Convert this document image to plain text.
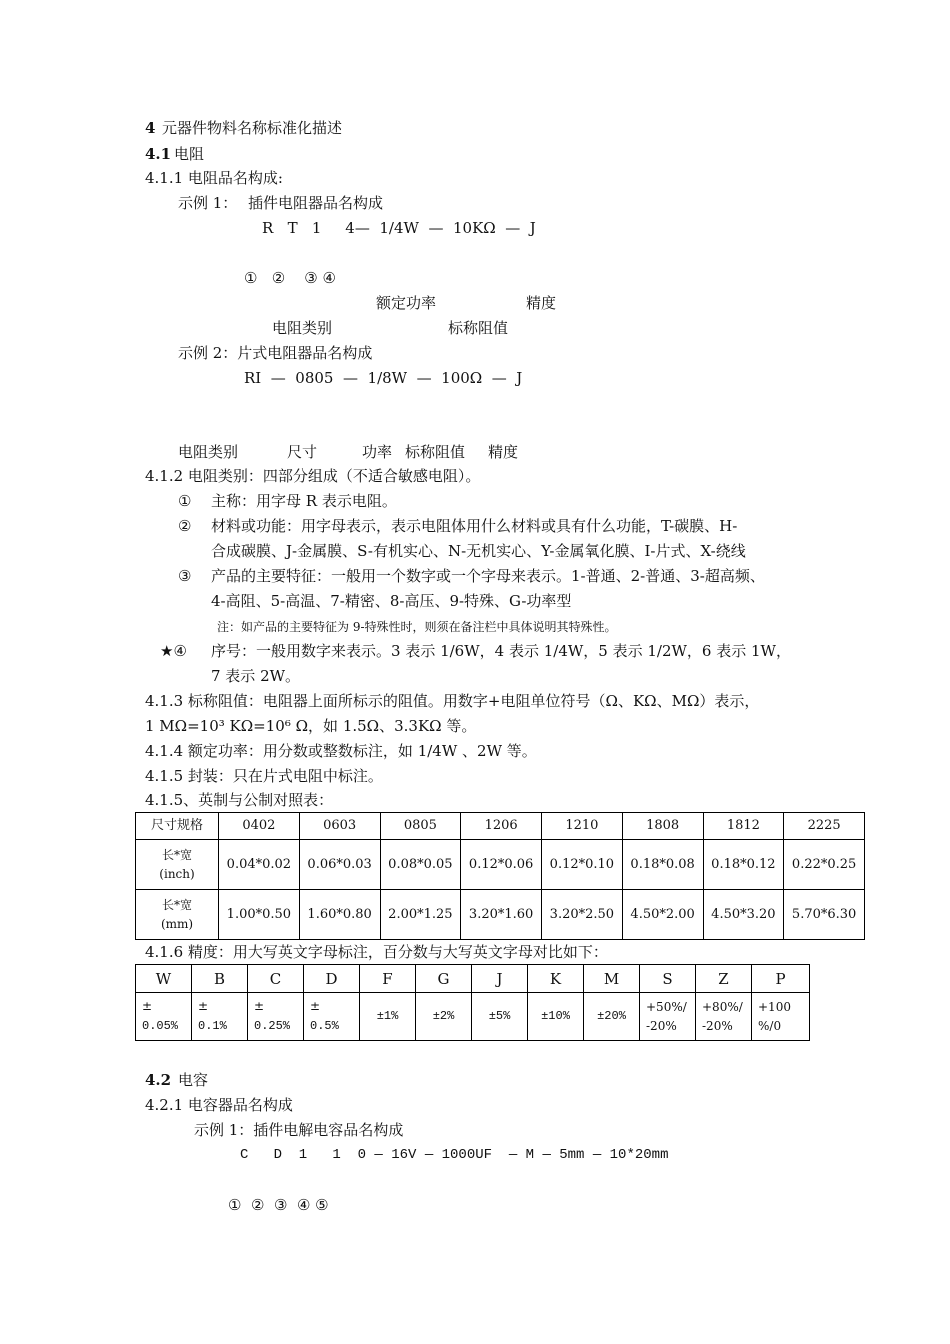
4 元器件物料名称标准化描述
4.1 电阻
4.1.1 电阻品名构成:
示例 1： 插件电阻器品名构成
R   T   1     4—  1/4W  —  10KΩ  —  J
①   ②    ③ ④
额定功率	精度
电阻类别	标称阻值
示例 2：片式电阻器品名构成
RI  —  0805  —  1/8W  —  100Ω  —  J
电阻类别	尺寸	功率 标称阻值 精度
4.1.2 电阻类别：四部分组成（不适合敏感电阻）。
① 主称：用字母 R 表示电阻。
② 材料或功能：用字母表示，表示电阻体用什么材料或具有什么功能，T-碳膜、H-
合成碳膜、J-金属膜、S-有机实心、N-无机实心、Y-金属氧化膜、I-片式、X-绕线
③ 产品的主要特征：一般用一个数字或一个字母来表示。1-普通、2-普通、3-超高频、
4-高阻、5-高温、7-精密、8-高压、9-特殊、G-功率型
注：如产品的主要特征为 9-特殊性时，则须在备注栏中具体说明其特殊性。
★④ 序号：一般用数字来表示。3 表示 1/6W，4 表示 1/4W，5 表示 1/2W，6 表示 1W，
7 表示 2W。
4.1.3 标称阻值：电阻器上面所标示的阻值。用数字+电阻单位符号（Ω、KΩ、MΩ）表示，
1 MΩ=10³ KΩ=10⁶ Ω，如 1.5Ω、3.3KΩ 等。
4.1.4 额定功率：用分数或整数标注，如 1/4W 、2W 等。
4.1.5 封装：只在片式电阻中标注。
4.1.5、英制与公制对照表：
尺寸规格	0402	0603	0805	1206	1210	1808	1812	2225
长*宽
(inch)	0.04*0.02	0.06*0.03	0.08*0.05	0.12*0.06	0.12*0.10	0.18*0.08	0.18*0.12	0.22*0.25
长*宽
(mm)	1.00*0.50	1.60*0.80	2.00*1.25	3.20*1.60	3.20*2.50	4.50*2.00	4.50*3.20	5.70*6.30
4.1.6 精度：用大写英文字母标注，百分数与大写英文字母对比如下：
W	B	C	D	F	G	J	K	M	S	Z	P
±
0.05%	±
0.1%	±
0.25%	±
0.5%	±1%	±2%	±5%	±10%	±20%	+50%/
-20%	+80%/
-20%	+100
%/0
4.2 电容
4.2.1 电容器品名构成
示例 1：插件电解电容品名构成
C   D  1   1  0 — 16V — 1000UF  — M — 5mm — 10*20mm
①  ②  ③  ④ ⑤
